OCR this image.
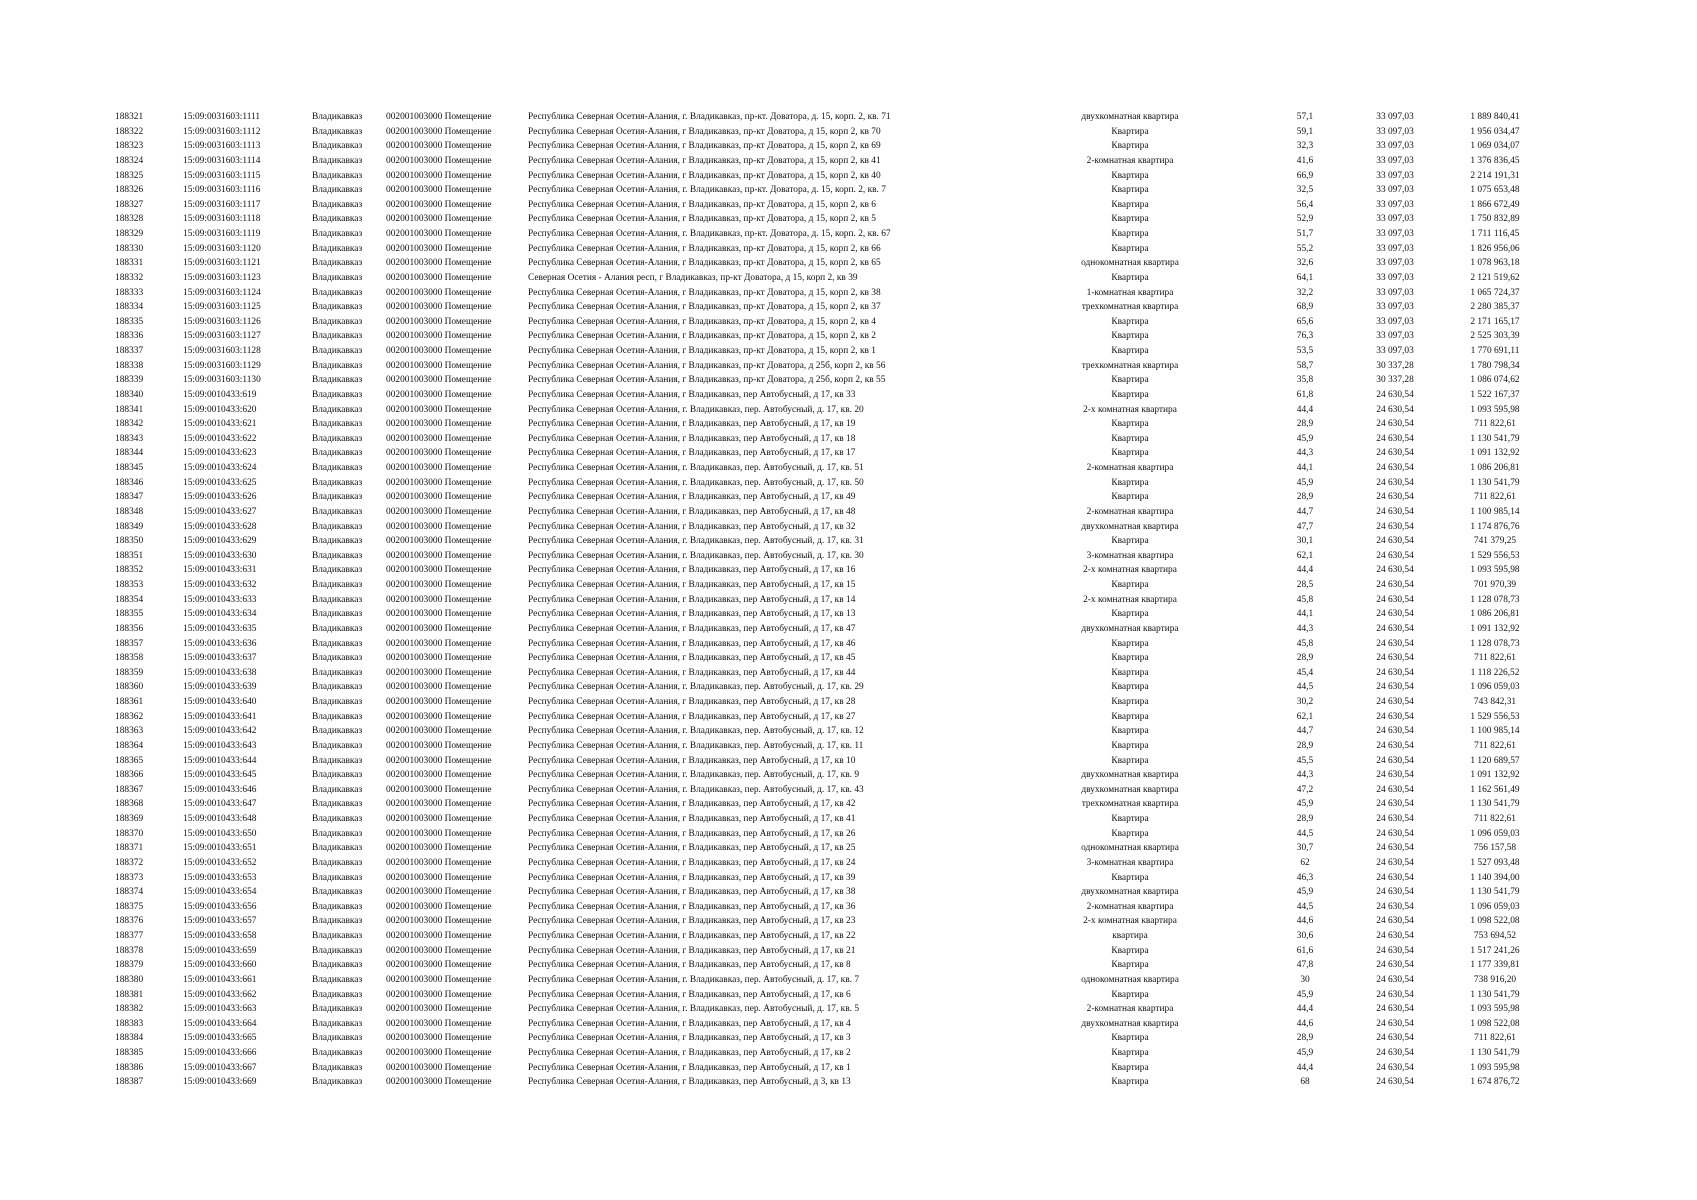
188321	15:09:0031603:1111	Владикавказ	002001003000 Помещение	Республика Северная Осетия-Алания, г. Владикавказ, пр-кт. Доватора, д. 15, корп. 2, кв. 71	двухкомнатная квартира	57,1	33 097,03	1 889 840,41
188322	15:09:0031603:1112	Владикавказ	002001003000 Помещение	Республика Северная Осетия-Алания, г Владикавказ, пр-кт Доватора, д 15, корп 2, кв 70	Квартира	59,1	33 097,03	1 956 034,47
188323	15:09:0031603:1113	Владикавказ	002001003000 Помещение	Республика Северная Осетия-Алания, г Владикавказ, пр-кт Доватора, д 15, корп 2, кв 69	Квартира	32,3	33 097,03	1 069 034,07
188324	15:09:0031603:1114	Владикавказ	002001003000 Помещение	Республика Северная Осетия-Алания, г Владикавказ, пр-кт Доватора, д 15, корп 2, кв 41	2-комнатная квартира	41,6	33 097,03	1 376 836,45
188325	15:09:0031603:1115	Владикавказ	002001003000 Помещение	Республика Северная Осетия-Алания, г Владикавказ, пр-кт Доватора, д 15, корп 2, кв 40	Квартира	66,9	33 097,03	2 214 191,31
188326	15:09:0031603:1116	Владикавказ	002001003000 Помещение	Республика Северная Осетия-Алания, г. Владикавказ, пр-кт. Доватора, д. 15, корп. 2, кв. 7	Квартира	32,5	33 097,03	1 075 653,48
188327	15:09:0031603:1117	Владикавказ	002001003000 Помещение	Республика Северная Осетия-Алания, г Владикавказ, пр-кт Доватора, д 15, корп 2, кв 6	Квартира	56,4	33 097,03	1 866 672,49
188328	15:09:0031603:1118	Владикавказ	002001003000 Помещение	Республика Северная Осетия-Алания, г Владикавказ, пр-кт Доватора, д 15, корп 2, кв 5	Квартира	52,9	33 097,03	1 750 832,89
188329	15:09:0031603:1119	Владикавказ	002001003000 Помещение	Республика Северная Осетия-Алания, г. Владикавказ, пр-кт. Доватора, д. 15, корп. 2, кв. 67	Квартира	51,7	33 097,03	1 711 116,45
188330	15:09:0031603:1120	Владикавказ	002001003000 Помещение	Республика Северная Осетия-Алания, г Владикавказ, пр-кт Доватора, д 15, корп 2, кв 66	Квартира	55,2	33 097,03	1 826 956,06
188331	15:09:0031603:1121	Владикавказ	002001003000 Помещение	Республика Северная Осетия-Алания, г Владикавказ, пр-кт Доватора, д 15, корп 2, кв 65	однокомнатная квартира	32,6	33 097,03	1 078 963,18
188332	15:09:0031603:1123	Владикавказ	002001003000 Помещение	Северная Осетия - Алания респ, г Владикавказ, пр-кт Доватора, д 15, корп 2, кв 39	Квартира	64,1	33 097,03	2 121 519,62
188333	15:09:0031603:1124	Владикавказ	002001003000 Помещение	Республика Северная Осетия-Алания, г Владикавказ, пр-кт Доватора, д 15, корп 2, кв 38	1-комнатная квартира	32,2	33 097,03	1 065 724,37
188334	15:09:0031603:1125	Владикавказ	002001003000 Помещение	Республика Северная Осетия-Алания, г Владикавказ, пр-кт Доватора, д 15, корп 2, кв 37	трехкомнатная квартира	68,9	33 097,03	2 280 385,37
188335	15:09:0031603:1126	Владикавказ	002001003000 Помещение	Республика Северная Осетия-Алания, г Владикавказ, пр-кт Доватора, д 15, корп 2, кв 4	Квартира	65,6	33 097,03	2 171 165,17
188336	15:09:0031603:1127	Владикавказ	002001003000 Помещение	Республика Северная Осетия-Алания, г Владикавказ, пр-кт Доватора, д 15, корп 2, кв 2	Квартира	76,3	33 097,03	2 525 303,39
188337	15:09:0031603:1128	Владикавказ	002001003000 Помещение	Республика Северная Осетия-Алания, г Владикавказ, пр-кт Доватора, д 15, корп 2, кв 1	Квартира	53,5	33 097,03	1 770 691,11
188338	15:09:0031603:1129	Владикавказ	002001003000 Помещение	Республика Северная Осетия-Алания, г Владикавказ, пр-кт Доватора, д 25б, корп 2, кв 56	трехкомнатная квартира	58,7	30 337,28	1 780 798,34
188339	15:09:0031603:1130	Владикавказ	002001003000 Помещение	Республика Северная Осетия-Алания, г Владикавказ, пр-кт Доватора, д 25б, корп 2, кв 55	Квартира	35,8	30 337,28	1 086 074,62
188340	15:09:0010433:619	Владикавказ	002001003000 Помещение	Республика Северная Осетия-Алания, г Владикавказ, пер Автобусный, д 17, кв 33	Квартира	61,8	24 630,54	1 522 167,37
188341	15:09:0010433:620	Владикавказ	002001003000 Помещение	Республика Северная Осетия-Алания, г. Владикавказ, пер. Автобусный, д. 17, кв. 20	2-х комнатная квартира	44,4	24 630,54	1 093 595,98
188342	15:09:0010433:621	Владикавказ	002001003000 Помещение	Республика Северная Осетия-Алания, г Владикавказ, пер Автобусный, д 17, кв 19	Квартира	28,9	24 630,54	711 822,61
188343	15:09:0010433:622	Владикавказ	002001003000 Помещение	Республика Северная Осетия-Алания, г Владикавказ, пер Автобусный, д 17, кв 18	Квартира	45,9	24 630,54	1 130 541,79
188344	15:09:0010433:623	Владикавказ	002001003000 Помещение	Республика Северная Осетия-Алания, г Владикавказ, пер Автобусный, д 17, кв 17	Квартира	44,3	24 630,54	1 091 132,92
188345	15:09:0010433:624	Владикавказ	002001003000 Помещение	Республика Северная Осетия-Алания, г. Владикавказ, пер. Автобусный, д. 17, кв. 51	2-комнатная квартира	44,1	24 630,54	1 086 206,81
188346	15:09:0010433:625	Владикавказ	002001003000 Помещение	Республика Северная Осетия-Алания, г. Владикавказ, пер. Автобусный, д. 17, кв. 50	Квартира	45,9	24 630,54	1 130 541,79
188347	15:09:0010433:626	Владикавказ	002001003000 Помещение	Республика Северная Осетия-Алания, г Владикавказ, пер Автобусный, д 17, кв 49	Квартира	28,9	24 630,54	711 822,61
188348	15:09:0010433:627	Владикавказ	002001003000 Помещение	Республика Северная Осетия-Алания, г Владикавказ, пер Автобусный, д 17, кв 48	2-комнатная квартира	44,7	24 630,54	1 100 985,14
188349	15:09:0010433:628	Владикавказ	002001003000 Помещение	Республика Северная Осетия-Алания, г Владикавказ, пер Автобусный, д 17, кв 32	двухкомнатная квартира	47,7	24 630,54	1 174 876,76
188350	15:09:0010433:629	Владикавказ	002001003000 Помещение	Республика Северная Осетия-Алания, г. Владикавказ, пер. Автобусный, д. 17, кв. 31	Квартира	30,1	24 630,54	741 379,25
188351	15:09:0010433:630	Владикавказ	002001003000 Помещение	Республика Северная Осетия-Алания, г. Владикавказ, пер. Автобусный, д. 17, кв. 30	3-комнатная квартира	62,1	24 630,54	1 529 556,53
188352	15:09:0010433:631	Владикавказ	002001003000 Помещение	Республика Северная Осетия-Алания, г Владикавказ, пер Автобусный, д 17, кв 16	2-х комнатная квартира	44,4	24 630,54	1 093 595,98
188353	15:09:0010433:632	Владикавказ	002001003000 Помещение	Республика Северная Осетия-Алания, г Владикавказ, пер Автобусный, д 17, кв 15	Квартира	28,5	24 630,54	701 970,39
188354	15:09:0010433:633	Владикавказ	002001003000 Помещение	Республика Северная Осетия-Алания, г Владикавказ, пер Автобусный, д 17, кв 14	2-х комнатная квартира	45,8	24 630,54	1 128 078,73
188355	15:09:0010433:634	Владикавказ	002001003000 Помещение	Республика Северная Осетия-Алания, г Владикавказ, пер Автобусный, д 17, кв 13	Квартира	44,1	24 630,54	1 086 206,81
188356	15:09:0010433:635	Владикавказ	002001003000 Помещение	Республика Северная Осетия-Алания, г Владикавказ, пер Автобусный, д 17, кв 47	двухкомнатная квартира	44,3	24 630,54	1 091 132,92
188357	15:09:0010433:636	Владикавказ	002001003000 Помещение	Республика Северная Осетия-Алания, г Владикавказ, пер Автобусный, д 17, кв 46	Квартира	45,8	24 630,54	1 128 078,73
188358	15:09:0010433:637	Владикавказ	002001003000 Помещение	Республика Северная Осетия-Алания, г Владикавказ, пер Автобусный, д 17, кв 45	Квартира	28,9	24 630,54	711 822,61
188359	15:09:0010433:638	Владикавказ	002001003000 Помещение	Республика Северная Осетия-Алания, г Владикавказ, пер Автобусный, д 17, кв 44	Квартира	45,4	24 630,54	1 118 226,52
188360	15:09:0010433:639	Владикавказ	002001003000 Помещение	Республика Северная Осетия-Алания, г. Владикавказ, пер. Автобусный, д. 17, кв. 29	Квартира	44,5	24 630,54	1 096 059,03
188361	15:09:0010433:640	Владикавказ	002001003000 Помещение	Республика Северная Осетия-Алания, г Владикавказ, пер Автобусный, д 17, кв 28	Квартира	30,2	24 630,54	743 842,31
188362	15:09:0010433:641	Владикавказ	002001003000 Помещение	Республика Северная Осетия-Алания, г Владикавказ, пер Автобусный, д 17, кв 27	Квартира	62,1	24 630,54	1 529 556,53
188363	15:09:0010433:642	Владикавказ	002001003000 Помещение	Республика Северная Осетия-Алания, г. Владикавказ, пер. Автобусный, д. 17, кв. 12	Квартира	44,7	24 630,54	1 100 985,14
188364	15:09:0010433:643	Владикавказ	002001003000 Помещение	Республика Северная Осетия-Алания, г. Владикавказ, пер. Автобусный, д. 17, кв. 11	Квартира	28,9	24 630,54	711 822,61
188365	15:09:0010433:644	Владикавказ	002001003000 Помещение	Республика Северная Осетия-Алания, г Владикавказ, пер Автобусный, д 17, кв 10	Квартира	45,5	24 630,54	1 120 689,57
188366	15:09:0010433:645	Владикавказ	002001003000 Помещение	Республика Северная Осетия-Алания, г. Владикавказ, пер. Автобусный, д. 17, кв. 9	двухкомнатная квартира	44,3	24 630,54	1 091 132,92
188367	15:09:0010433:646	Владикавказ	002001003000 Помещение	Республика Северная Осетия-Алания, г. Владикавказ, пер. Автобусный, д. 17, кв. 43	двухкомнатная квартира	47,2	24 630,54	1 162 561,49
188368	15:09:0010433:647	Владикавказ	002001003000 Помещение	Республика Северная Осетия-Алания, г Владикавказ, пер Автобусный, д 17, кв 42	трехкомнатная квартира	45,9	24 630,54	1 130 541,79
188369	15:09:0010433:648	Владикавказ	002001003000 Помещение	Республика Северная Осетия-Алания, г Владикавказ, пер Автобусный, д 17, кв 41	Квартира	28,9	24 630,54	711 822,61
188370	15:09:0010433:650	Владикавказ	002001003000 Помещение	Республика Северная Осетия-Алания, г Владикавказ, пер Автобусный, д 17, кв 26	Квартира	44,5	24 630,54	1 096 059,03
188371	15:09:0010433:651	Владикавказ	002001003000 Помещение	Республика Северная Осетия-Алания, г Владикавказ, пер Автобусный, д 17, кв 25	однокомнатная квартира	30,7	24 630,54	756 157,58
188372	15:09:0010433:652	Владикавказ	002001003000 Помещение	Республика Северная Осетия-Алания, г Владикавказ, пер Автобусный, д 17, кв 24	3-комнатная квартира	62	24 630,54	1 527 093,48
188373	15:09:0010433:653	Владикавказ	002001003000 Помещение	Республика Северная Осетия-Алания, г Владикавказ, пер Автобусный, д 17, кв 39	Квартира	46,3	24 630,54	1 140 394,00
188374	15:09:0010433:654	Владикавказ	002001003000 Помещение	Республика Северная Осетия-Алания, г Владикавказ, пер Автобусный, д 17, кв 38	двухкомнатная квартира	45,9	24 630,54	1 130 541,79
188375	15:09:0010433:656	Владикавказ	002001003000 Помещение	Республика Северная Осетия-Алания, г Владикавказ, пер Автобусный, д 17, кв 36	2-комнатная квартира	44,5	24 630,54	1 096 059,03
188376	15:09:0010433:657	Владикавказ	002001003000 Помещение	Республика Северная Осетия-Алания, г Владикавказ, пер Автобусный, д 17, кв 23	2-х комнатная квартира	44,6	24 630,54	1 098 522,08
188377	15:09:0010433:658	Владикавказ	002001003000 Помещение	Республика Северная Осетия-Алания, г Владикавказ, пер Автобусный, д 17, кв 22	квартира	30,6	24 630,54	753 694,52
188378	15:09:0010433:659	Владикавказ	002001003000 Помещение	Республика Северная Осетия-Алания, г Владикавказ, пер Автобусный, д 17, кв 21	Квартира	61,6	24 630,54	1 517 241,26
188379	15:09:0010433:660	Владикавказ	002001003000 Помещение	Республика Северная Осетия-Алания, г Владикавказ, пер Автобусный, д 17, кв 8	Квартира	47,8	24 630,54	1 177 339,81
188380	15:09:0010433:661	Владикавказ	002001003000 Помещение	Республика Северная Осетия-Алания, г. Владикавказ, пер. Автобусный, д. 17, кв. 7	однокомнатная квартира	30	24 630,54	738 916,20
188381	15:09:0010433:662	Владикавказ	002001003000 Помещение	Республика Северная Осетия-Алания, г Владикавказ, пер Автобусный, д 17, кв 6	Квартира	45,9	24 630,54	1 130 541,79
188382	15:09:0010433:663	Владикавказ	002001003000 Помещение	Республика Северная Осетия-Алания, г. Владикавказ, пер. Автобусный, д. 17, кв. 5	2-комнатная квартира	44,4	24 630,54	1 093 595,98
188383	15:09:0010433:664	Владикавказ	002001003000 Помещение	Республика Северная Осетия-Алания, г Владикавказ, пер Автобусный, д 17, кв 4	двухкомнатная квартира	44,6	24 630,54	1 098 522,08
188384	15:09:0010433:665	Владикавказ	002001003000 Помещение	Республика Северная Осетия-Алания, г Владикавказ, пер Автобусный, д 17, кв 3	Квартира	28,9	24 630,54	711 822,61
188385	15:09:0010433:666	Владикавказ	002001003000 Помещение	Республика Северная Осетия-Алания, г Владикавказ, пер Автобусный, д 17, кв 2	Квартира	45,9	24 630,54	1 130 541,79
188386	15:09:0010433:667	Владикавказ	002001003000 Помещение	Республика Северная Осетия-Алания, г Владикавказ, пер Автобусный, д 17, кв 1	Квартира	44,4	24 630,54	1 093 595,98
188387	15:09:0010433:669	Владикавказ	002001003000 Помещение	Республика Северная Осетия-Алания, г Владикавказ, пер Автобусный, д 3, кв 13	Квартира	68	24 630,54	1 674 876,72
